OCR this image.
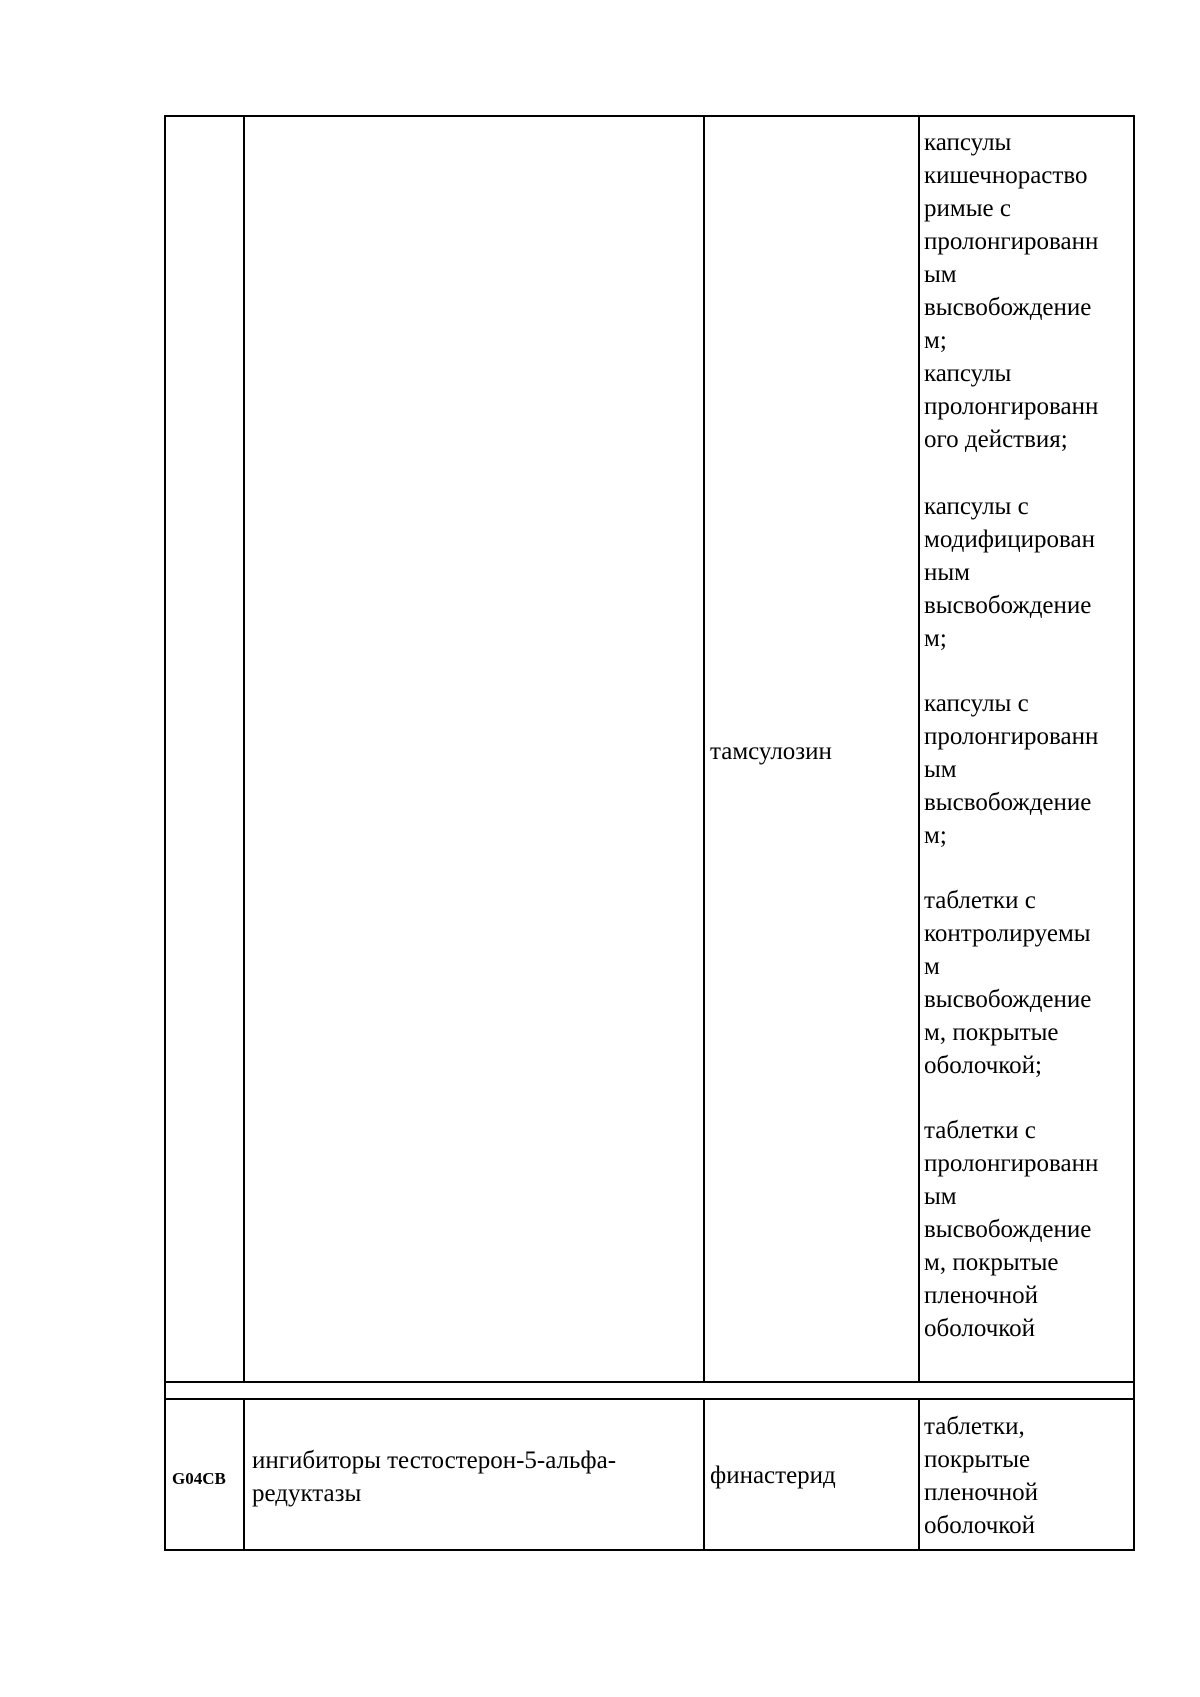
тамсулозин
капсулы
кишечнораство
римые с
пролонгированн
ым
высвобождение
м;
капсулы
пролонгированн
ого действия;
капсулы с
модифицирован
ным
высвобождение
м;
капсулы с
пролонгированн
ым
высвобождение
м;
таблетки с
контролируемы
м
высвобождение
м, покрытые
оболочкой;
таблетки с
пролонгированн
ым
высвобождение
м, покрытые
пленочной
оболочкой
G04CB
ингибиторы тестостерон-5-альфа-
редуктазы
финастерид
таблетки,
покрытые
пленочной
оболочкой
